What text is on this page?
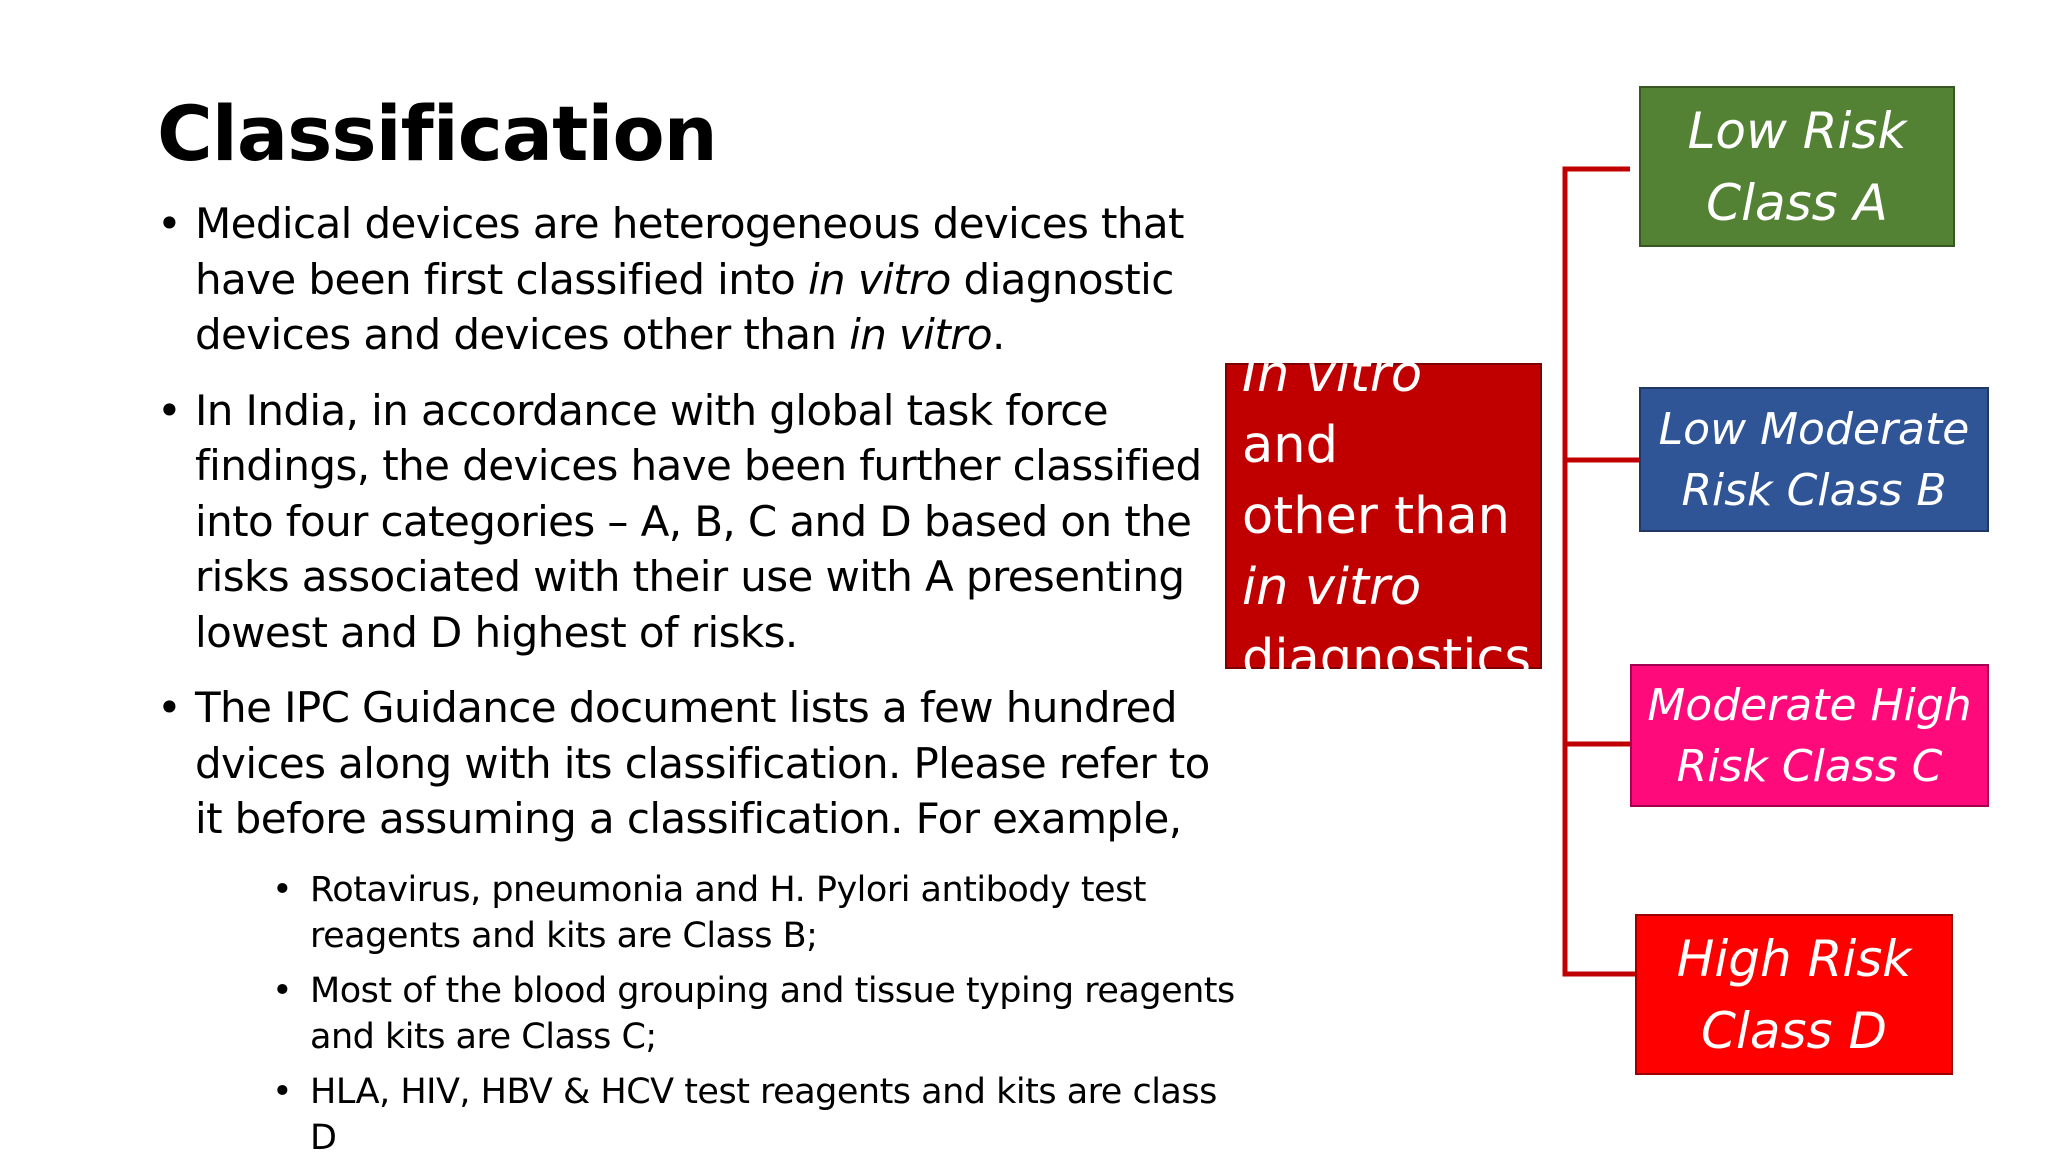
Classification
• Medical devices are heterogeneous devices that have been first classified into in vitro diagnostic devices and devices other than in vitro.
• In India, in accordance with global task force findings, the devices have been further classified into four categories – A, B, C and D based on the risks associated with their use with A presenting lowest and D highest of risks.
• The IPC Guidance document lists a few hundred dvices along with its classification. Please refer to it before assuming a classification. For example,
• Rotavirus, pneumonia and H. Pylori antibody test reagents and kits are Class B;
• Most of the blood grouping and tissue typing reagents and kits are Class C;
• HLA, HIV, HBV & HCV test reagents and kits are class D
In vitro
and
other than
in vitro
diagnostics
Low Risk
Class A
Low Moderate
Risk Class B
Moderate High
Risk Class C
High Risk
Class D
